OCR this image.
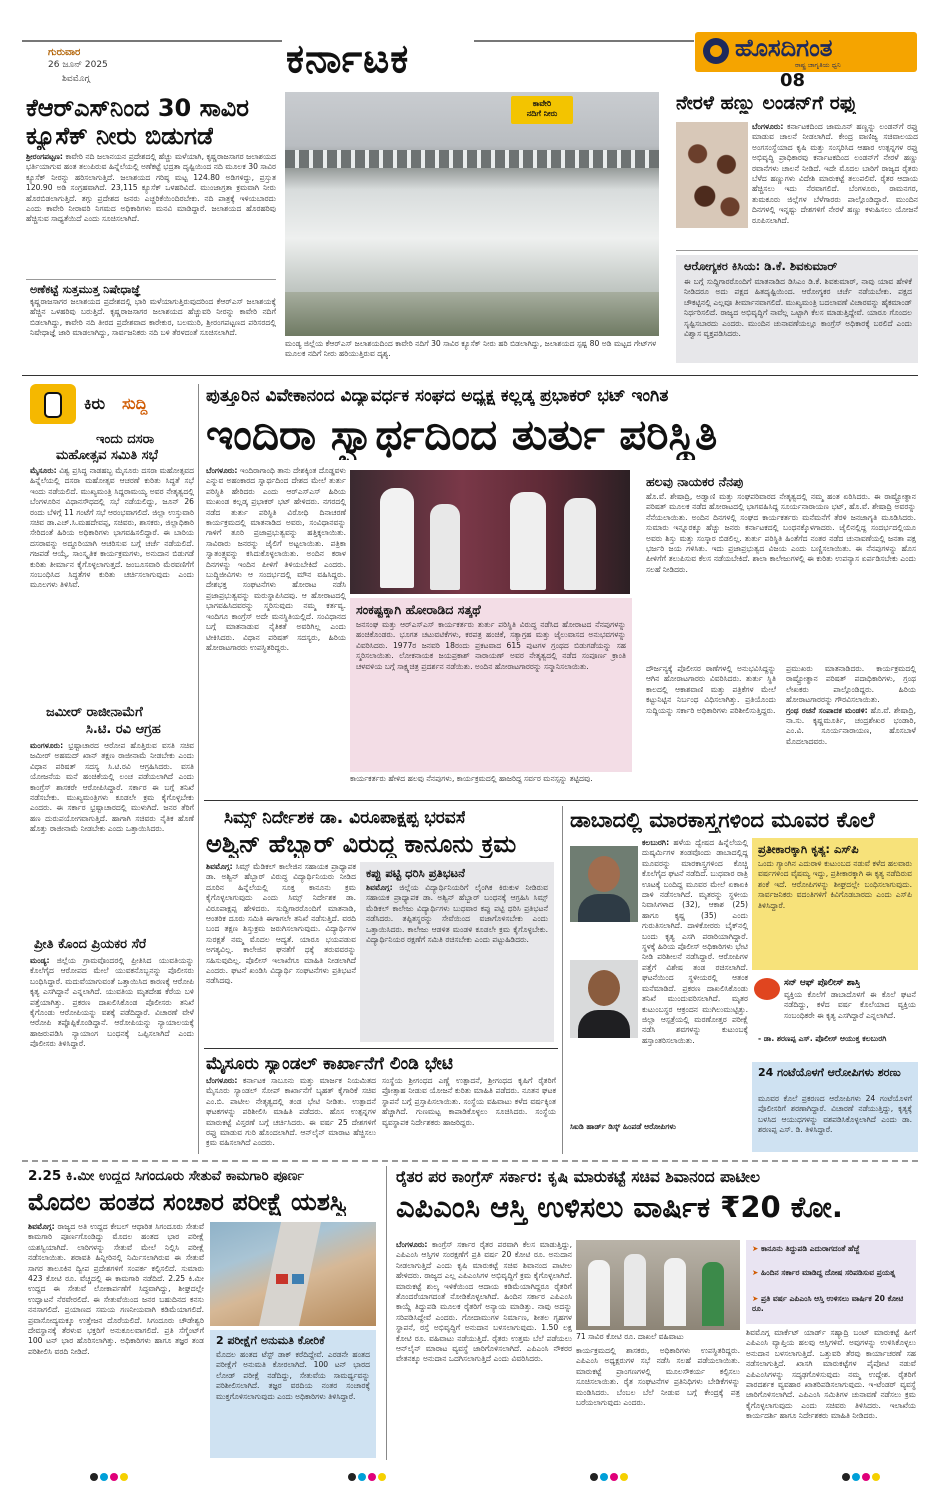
ಗುರುವಾರ
26 ಜೂನ್ 2025
ಶಿವಮೊಗ್ಗ	ಕರ್ನಾಟಕ	ಹೊಸದಿಗಂತ
ರಾಷ್ಟ್ರ ಜಾಗೃತಿಯ ಧ್ವನಿ
08
ಕೆಆರ್‌ಎಸ್‌ನಿಂದ 30 ಸಾವಿರ
ಕ್ಯೂಸೆಕ್ ನೀರು ಬಿಡುಗಡೆ
ಶ್ರೀರಂಗಪಟ್ಟಣ: ಕಾವೇರಿ ನದಿ ಜಲಾನಯನ ಪ್ರದೇಶದಲ್ಲಿ ಹೆಚ್ಚು ಮಳೆಯಾಗಿ, ಕೃಷ್ಣರಾಜಸಾಗರ ಜಲಾಶಯದ ಭರ್ತಿಯಾಗುವ ಹಂತ ತಲುಪಿರುವ ಹಿನ್ನೆಲೆಯಲ್ಲಿ ಅಣೆಕಟ್ಟೆ ಭದ್ರತಾ ದೃಷ್ಟಿಯಿಂದ ನದಿ ಮೂಲಕ 30 ಸಾವಿರ ಕ್ಯೂಸೆಕ್ ನೀರನ್ನು ಹರಿಸಲಾಗುತ್ತಿದೆ. ಜಲಾಶಯದ ಗರಿಷ್ಠ ಮಟ್ಟ 124.80 ಅಡಿಗಳಿದ್ದು, ಪ್ರಸ್ತುತ 120.90 ಅಡಿ ಸಂಗ್ರಹವಾಗಿದೆ. 23,115 ಕ್ಯೂಸೆಕ್ ಒಳಹರಿವಿದೆ. ಮುಂಜಾಗ್ರತಾ ಕ್ರಮವಾಗಿ ನೀರು ಹೊರಬಿಡಲಾಗುತ್ತಿದೆ. ತಗ್ಗು ಪ್ರದೇಶದ ಜನರು ಎಚ್ಚರಿಕೆಯಿಂದಿರಬೇಕು. ನದಿ ಪಾತ್ರಕ್ಕೆ ಇಳಿಯಬಾರದು ಎಂದು ಕಾವೇರಿ ನೀರಾವರಿ ನಿಗಮದ ಅಧಿಕಾರಿಗಳು ಮನವಿ ಮಾಡಿದ್ದಾರೆ. ಜಲಾಶಯದ ಹೊರಹರಿವು ಹೆಚ್ಚಿಸುವ ಸಾಧ್ಯತೆಯಿದೆ ಎಂದು ಸೂಚಿಸಲಾಗಿದೆ.
ಅಣೆಕಟ್ಟೆ ಸುತ್ತಮುತ್ತ ನಿಷೇಧಾಜ್ಞೆ
ಕೃಷ್ಣರಾಜಸಾಗರ ಜಲಾಶಯದ ಪ್ರದೇಶದಲ್ಲಿ ಭಾರಿ ಮಳೆಯಾಗುತ್ತಿರುವುದರಿಂದ ಕೆಆರ್‌ಎಸ್ ಜಲಾಶಯಕ್ಕೆ ಹೆಚ್ಚಿನ ಒಳಹರಿವು ಬರುತ್ತಿದೆ. ಕೃಷ್ಣರಾಜಸಾಗರ ಜಲಾಶಯದ ಹೆಚ್ಚುವರಿ ನೀರನ್ನು ಕಾವೇರಿ ನದಿಗೆ ಬಿಡಲಾಗಿದ್ದು, ಕಾವೇರಿ ನದಿ ತೀರದ ಪ್ರದೇಶವಾದ ಕಾರೇಕುರ, ಬಲಮುರಿ, ಶ್ರೀರಂಗಪಟ್ಟಣದ ಪರಿಸರದಲ್ಲಿ ನಿಷೇಧಾಜ್ಞೆ ಜಾರಿ ಮಾಡಲಾಗಿದ್ದು, ಸಾರ್ವಜನಿಕರು ನದಿ ಬಳಿ ತೆರಳದಂತೆ ಸೂಚಿಸಲಾಗಿದೆ.
ಕಾವೇರಿ
ನದಿಗೆ ನೀರು
ಮಂಡ್ಯ ಜಿಲ್ಲೆಯ ಕೆಆರ್‌ಎಸ್ ಜಲಾಶಯದಿಂದ ಕಾವೇರಿ ನದಿಗೆ 30 ಸಾವಿರ ಕ್ಯೂಸೆಕ್ ನೀರು ಹರಿ ಬಿಡಲಾಗಿದ್ದು, ಜಲಾಶಯದ ಸ್ಪಷ್ಟ 80 ಅಡಿ ಮಟ್ಟದ ಗೇಟ್‌ಗಳ ಮೂಲಕ ನದಿಗೆ ನೀರು ಹರಿಯುತ್ತಿರುವ ದೃಶ್ಯ.
ನೇರಳೆ ಹಣ್ಣು ಲಂಡನ್‌ಗೆ ರಫ್ತು
ಬೆಂಗಳೂರು: ಕರ್ನಾಟಕದಿಂದ ಜಾಮೂನ್ ಹಣ್ಣನ್ನು ಲಂಡನ್‌ಗೆ ರಫ್ತು ಮಾಡುವ ಚಾಲನೆ ನೀಡಲಾಗಿದೆ. ಕೇಂದ್ರ ವಾಣಿಜ್ಯ ಸಚಿವಾಲಯದ ಅಂಗಸಂಸ್ಥೆಯಾದ ಕೃಷಿ ಮತ್ತು ಸಂಸ್ಕರಿಸಿದ ಆಹಾರ ಉತ್ಪನ್ನಗಳ ರಫ್ತು ಅಭಿವೃದ್ಧಿ ಪ್ರಾಧಿಕಾರವು ಕರ್ನಾಟಕದಿಂದ ಲಂಡನ್‌ಗೆ ನೇರಳೆ ಹಣ್ಣು ರವಾನೆಗಳು ಚಾಲನೆ ನೀಡಿದೆ. ಇದೇ ಮೊದಲ ಬಾರಿಗೆ ರಾಜ್ಯದ ರೈತರು ಬೆಳೆದ ಹಣ್ಣುಗಳು ವಿದೇಶಿ ಮಾರುಕಟ್ಟೆ ತಲುಪಲಿವೆ. ರೈತರ ಆದಾಯ ಹೆಚ್ಚಿಸಲು ಇದು ನೆರವಾಗಲಿದೆ. ಬೆಂಗಳೂರು, ರಾಮನಗರ, ತುಮಕೂರು ಜಿಲ್ಲೆಗಳ ಬೆಳೆಗಾರರು ಪಾಲ್ಗೊಂಡಿದ್ದಾರೆ. ಮುಂದಿನ ದಿನಗಳಲ್ಲಿ ಇನ್ನಷ್ಟು ದೇಶಗಳಿಗೆ ನೇರಳೆ ಹಣ್ಣು ಕಳುಹಿಸಲು ಯೋಜನೆ ರೂಪಿಸಲಾಗಿದೆ.
ಆರೋಗ್ಯಕರ ಕಿಸಿಯ: ಡಿ.ಕೆ. ಶಿವಕುಮಾರ್
ಈ ಬಗ್ಗೆ ಸುದ್ದಿಗಾರರೊಂದಿಗೆ ಮಾತನಾಡಿದ ಡಿಸಿಎಂ ಡಿ.ಕೆ. ಶಿವಕುಮಾರ್, ನಾವು ಯಾವ ಹೇಳಿಕೆ ನೀಡಿದರೂ ಅದು ಪಕ್ಷದ ಹಿತದೃಷ್ಟಿಯಿಂದ. ಆರೋಗ್ಯಕರ ಚರ್ಚೆ ನಡೆಯಬೇಕು. ಪಕ್ಷದ ಚೌಕಟ್ಟಿನಲ್ಲಿ ಎಲ್ಲವೂ ತೀರ್ಮಾನವಾಗಲಿದೆ. ಮುಖ್ಯಮಂತ್ರಿ ಬದಲಾವಣೆ ವಿಚಾರವನ್ನು ಹೈಕಮಾಂಡ್ ನಿರ್ಧರಿಸಲಿದೆ. ರಾಜ್ಯದ ಅಭಿವೃದ್ಧಿಗೆ ನಾವೆಲ್ಲ ಒಟ್ಟಾಗಿ ಕೆಲಸ ಮಾಡುತ್ತಿದ್ದೇವೆ. ಯಾರೂ ಗೊಂದಲ ಸೃಷ್ಟಿಸಬಾರದು ಎಂದರು. ಮುಂದಿನ ಚುನಾವಣೆಯಲ್ಲೂ ಕಾಂಗ್ರೆಸ್ ಅಧಿಕಾರಕ್ಕೆ ಬರಲಿದೆ ಎಂದು ವಿಶ್ವಾಸ ವ್ಯಕ್ತಪಡಿಸಿದರು.
ಕಿರು ಸುದ್ದಿ
ಇಂದು ದಸರಾ
ಮಹೋತ್ಸವ ಸಮಿತಿ ಸಭೆ
ಮೈಸೂರು: ವಿಶ್ವ ಪ್ರಸಿದ್ಧ ನಾಡಹಬ್ಬ ಮೈಸೂರು ದಸರಾ ಮಹೋತ್ಸವದ ಹಿನ್ನೆಲೆಯಲ್ಲಿ ದಸರಾ ಮಹೋತ್ಸವ ಆಚರಣೆ ಕುರಿತು ಸಿದ್ಧತೆ ಸಭೆ ಇಂದು ನಡೆಯಲಿದೆ. ಮುಖ್ಯಮಂತ್ರಿ ಸಿದ್ದರಾಮಯ್ಯ ಅವರ ನೇತೃತ್ವದಲ್ಲಿ ಬೆಂಗಳೂರಿನ ವಿಧಾನಸೌಧದಲ್ಲಿ ಸಭೆ ನಡೆಯಲಿದ್ದು, ಜೂನ್ 26 ರಂದು ಬೆಳಿಗ್ಗೆ 11 ಗಂಟೆಗೆ ಸಭೆ ಆರಂಭವಾಗಲಿದೆ. ಜಿಲ್ಲಾ ಉಸ್ತುವಾರಿ ಸಚಿವ ಡಾ.ಎಚ್.ಸಿ.ಮಹದೇವಪ್ಪ, ಸಚಿವರು, ಶಾಸಕರು, ಜಿಲ್ಲಾಧಿಕಾರಿ ಸೇರಿದಂತೆ ಹಿರಿಯ ಅಧಿಕಾರಿಗಳು ಭಾಗವಹಿಸಲಿದ್ದಾರೆ. ಈ ಬಾರಿಯ ದಸರಾವನ್ನು ಅದ್ದೂರಿಯಾಗಿ ಆಚರಿಸುವ ಬಗ್ಗೆ ಚರ್ಚೆ ನಡೆಯಲಿದೆ. ಗಜಪಡೆ ಆಯ್ಕೆ, ಸಾಂಸ್ಕೃತಿಕ ಕಾರ್ಯಕ್ರಮಗಳು, ಅನುದಾನ ಬಿಡುಗಡೆ ಕುರಿತು ತೀರ್ಮಾನ ಕೈಗೊಳ್ಳಲಾಗುತ್ತದೆ. ಜಂಬೂಸವಾರಿ ಮೆರವಣಿಗೆಗೆ ಸಂಬಂಧಿಸಿದ ಸಿದ್ಧತೆಗಳ ಕುರಿತು ಚರ್ಚಿಸಲಾಗುವುದು ಎಂದು ಮೂಲಗಳು ತಿಳಿಸಿವೆ.
ಜಮೀರ್ ರಾಜೀನಾಮೆಗೆ
ಸಿ.ಟಿ. ರವಿ ಆಗ್ರಹ
ಮಂಗಳೂರು: ಭ್ರಷ್ಟಾಚಾರದ ಆರೋಪ ಹೊತ್ತಿರುವ ವಸತಿ ಸಚಿವ ಜಮೀರ್ ಅಹಮದ್ ಖಾನ್ ತಕ್ಷಣ ರಾಜೀನಾಮೆ ನೀಡಬೇಕು ಎಂದು ವಿಧಾನ ಪರಿಷತ್ ಸದಸ್ಯ ಸಿ.ಟಿ.ರವಿ ಆಗ್ರಹಿಸಿದರು. ವಸತಿ ಯೋಜನೆಯ ಮನೆ ಹಂಚಿಕೆಯಲ್ಲಿ ಲಂಚ ಪಡೆಯಲಾಗಿದೆ ಎಂದು ಕಾಂಗ್ರೆಸ್ ಶಾಸಕರೇ ಆರೋಪಿಸಿದ್ದಾರೆ. ಸರ್ಕಾರ ಈ ಬಗ್ಗೆ ತನಿಖೆ ನಡೆಸಬೇಕು. ಮುಖ್ಯಮಂತ್ರಿಗಳು ಕೂಡಲೇ ಕ್ರಮ ಕೈಗೊಳ್ಳಬೇಕು ಎಂದರು. ಈ ಸರ್ಕಾರ ಭ್ರಷ್ಟಾಚಾರದಲ್ಲಿ ಮುಳುಗಿದೆ. ಜನರ ತೆರಿಗೆ ಹಣ ದುರುಪಯೋಗವಾಗುತ್ತಿದೆ. ಹಾಗಾಗಿ ಸಚಿವರು ನೈತಿಕ ಹೊಣೆ ಹೊತ್ತು ರಾಜೀನಾಮೆ ನೀಡಬೇಕು ಎಂದು ಒತ್ತಾಯಿಸಿದರು.
ಪ್ರೀತಿ ಕೊಂದ ಪ್ರಿಯಕರ ಸೆರೆ
ಮಂಡ್ಯ: ಜಿಲ್ಲೆಯ ಗ್ರಾಮವೊಂದರಲ್ಲಿ ಪ್ರೀತಿಸಿದ ಯುವತಿಯನ್ನು ಕೊಲೆಗೈದ ಆರೋಪದ ಮೇಲೆ ಯುವಕನೊಬ್ಬನನ್ನು ಪೊಲೀಸರು ಬಂಧಿಸಿದ್ದಾರೆ. ಮದುವೆಯಾಗುವಂತೆ ಒತ್ತಾಯಿಸಿದ ಕಾರಣಕ್ಕೆ ಆರೋಪಿ ಕೃತ್ಯ ಎಸಗಿದ್ದಾನೆ ಎನ್ನಲಾಗಿದೆ. ಯುವತಿಯ ಮೃತದೇಹ ಕೆರೆಯ ಬಳಿ ಪತ್ತೆಯಾಗಿತ್ತು. ಪ್ರಕರಣ ದಾಖಲಿಸಿಕೊಂಡ ಪೊಲೀಸರು ತನಿಖೆ ಕೈಗೊಂಡು ಆರೋಪಿಯನ್ನು ವಶಕ್ಕೆ ಪಡೆದಿದ್ದಾರೆ. ವಿಚಾರಣೆ ವೇಳೆ ಆರೋಪಿ ತಪ್ಪೊಪ್ಪಿಕೊಂಡಿದ್ದಾನೆ. ಆರೋಪಿಯನ್ನು ನ್ಯಾಯಾಲಯಕ್ಕೆ ಹಾಜರುಪಡಿಸಿ ನ್ಯಾಯಾಂಗ ಬಂಧನಕ್ಕೆ ಒಪ್ಪಿಸಲಾಗಿದೆ ಎಂದು ಪೊಲೀಸರು ತಿಳಿಸಿದ್ದಾರೆ.
ಪುತ್ತೂರಿನ ವಿವೇಕಾನಂದ ವಿದ್ಯಾವರ್ಧಕ ಸಂಘದ ಅಧ್ಯಕ್ಷ ಕಲ್ಲಡ್ಕ ಪ್ರಭಾಕರ್ ಭಟ್ ಇಂಗಿತ
ಇಂದಿರಾ ಸ್ವಾರ್ಥದಿಂದ ತುರ್ತು ಪರಿಸ್ಥಿತಿ
ಬೆಂಗಳೂರು: ಇಂದಿರಾಗಾಂಧಿ ತಾನು ದೇಶಕ್ಕಿಂತ ದೊಡ್ಡವಳು ಎನ್ನುವ ಅಹಂಕಾರದ ಸ್ವಾರ್ಥದಿಂದ ದೇಶದ ಮೇಲೆ ತುರ್ತು ಪರಿಸ್ಥಿತಿ ಹೇರಿದರು ಎಂದು ಆರ್‌ಎಸ್‌ಎಸ್ ಹಿರಿಯ ಮುಖಂಡ ಕಲ್ಲಡ್ಕ ಪ್ರಭಾಕರ್ ಭಟ್ ಹೇಳಿದರು. ನಗರದಲ್ಲಿ ನಡೆದ ತುರ್ತು ಪರಿಸ್ಥಿತಿ ವಿರೋಧಿ ದಿನಾಚರಣೆ ಕಾರ್ಯಕ್ರಮದಲ್ಲಿ ಮಾತನಾಡಿದ ಅವರು, ಸಂವಿಧಾನವನ್ನು ಗಾಳಿಗೆ ತೂರಿ ಪ್ರಜಾಪ್ರಭುತ್ವವನ್ನು ಹತ್ತಿಕ್ಕಲಾಯಿತು. ಸಾವಿರಾರು ಜನರನ್ನು ಜೈಲಿಗೆ ಅಟ್ಟಲಾಯಿತು. ಪತ್ರಿಕಾ ಸ್ವಾತಂತ್ರ್ಯವನ್ನು ಕಸಿದುಕೊಳ್ಳಲಾಯಿತು. ಅಂದಿನ ಕರಾಳ ದಿನಗಳನ್ನು ಇಂದಿನ ಪೀಳಿಗೆ ತಿಳಿಯಬೇಕಿದೆ ಎಂದರು. ಬುದ್ಧಿಜೀವಿಗಳು ಆ ಸಂದರ್ಭದಲ್ಲಿ ಮೌನ ವಹಿಸಿದ್ದರು. ದೇಶಭಕ್ತ ಸಂಘಟನೆಗಳು ಹೋರಾಟ ನಡೆಸಿ ಪ್ರಜಾಪ್ರಭುತ್ವವನ್ನು ಮರುಸ್ಥಾಪಿಸಿದವು. ಆ ಹೋರಾಟದಲ್ಲಿ ಭಾಗವಹಿಸಿದವರನ್ನು ಸ್ಮರಿಸುವುದು ನಮ್ಮ ಕರ್ತವ್ಯ. ಇಂದಿಗೂ ಕಾಂಗ್ರೆಸ್ ಅದೇ ಮನಸ್ಥಿತಿಯಲ್ಲಿದೆ. ಸಂವಿಧಾನದ ಬಗ್ಗೆ ಮಾತನಾಡುವ ನೈತಿಕತೆ ಅವರಿಗಿಲ್ಲ ಎಂದು ಟೀಕಿಸಿದರು. ವಿಧಾನ ಪರಿಷತ್ ಸದಸ್ಯರು, ಹಿರಿಯ ಹೋರಾಟಗಾರರು ಉಪಸ್ಥಿತರಿದ್ದರು.
ಸಂಕಷ್ಟಕ್ಕಾಗಿ ಹೋರಾಡಿದ ಸತ್ಕಥೆ
ಜನಸಂಘ ಮತ್ತು ಆರ್‌ಎಸ್‌ಎಸ್ ಕಾರ್ಯಕರ್ತರು ತುರ್ತು ಪರಿಸ್ಥಿತಿ ವಿರುದ್ಧ ನಡೆಸಿದ ಹೋರಾಟದ ನೆನಪುಗಳನ್ನು ಹಂಚಿಕೊಂಡರು. ಭೂಗತ ಚಟುವಟಿಕೆಗಳು, ಕರಪತ್ರ ಹಂಚಿಕೆ, ಸತ್ಯಾಗ್ರಹ ಮತ್ತು ಜೈಲುವಾಸದ ಅನುಭವಗಳನ್ನು ವಿವರಿಸಿದರು. 1977ರ ಜನವರಿ 18ರಂದು ಪ್ರಕಟವಾದ 615 ಪುಟಗಳ ಗ್ರಂಥದ ಬಿಡುಗಡೆಯನ್ನು ಸಹ ಸ್ಮರಿಸಲಾಯಿತು. ಲೋಕನಾಯಕ ಜಯಪ್ರಕಾಶ್ ನಾರಾಯಣ್ ಅವರ ನೇತೃತ್ವದಲ್ಲಿ ನಡೆದ ಸಂಪೂರ್ಣ ಕ್ರಾಂತಿ ಚಳವಳಿಯ ಬಗ್ಗೆ ಸಾಕ್ಷ್ಯಚಿತ್ರ ಪ್ರದರ್ಶನ ನಡೆಯಿತು. ಅಂದಿನ ಹೋರಾಟಗಾರರನ್ನು ಸನ್ಮಾನಿಸಲಾಯಿತು.
ಕಾರ್ಯಕರ್ತರು ಹೇಳಿದ ಹಲವು ನೆನಪುಗಳು, ಕಾರ್ಯಕ್ರಮದಲ್ಲಿ ಹಾಜರಿದ್ದ ಸರ್ವರ ಮನಸ್ಸನ್ನು ತಟ್ಟಿದವು.
ಹಲವು ನಾಯಕರ ನೆನಪು
ಹೊ.ವೆ. ಶೇಷಾದ್ರಿ, ಅಡ್ವಾಣಿ ಮತ್ತು ಸಂಘಪರಿವಾರದ ನೇತೃತ್ವದಲ್ಲಿ ನಮ್ಮ ಹಂತ ಏರಿಸಿದರು. ಈ ರಾಷ್ಟ್ರೋತ್ಥಾನ ಪರಿಷತ್ ಮೂಲಕ ನಡೆದ ಹೋರಾಟದಲ್ಲಿ ಭಾಗವಹಿಸಿದ್ದ ಸೂರ್ಯನಾರಾಯಣ ಭಟ್, ಹೊ.ವೆ. ಶೇಷಾದ್ರಿ ಅವರನ್ನು ನೆನೆಯಲಾಯಿತು. ಅಂದಿನ ದಿನಗಳಲ್ಲಿ ಸಂಘದ ಕಾರ್ಯಕರ್ತರು ಮನೆಮನೆಗೆ ತೆರಳಿ ಜನಜಾಗೃತಿ ಮೂಡಿಸಿದರು. ಸುಮಾರು ಇನ್ನೂರಕ್ಕೂ ಹೆಚ್ಚು ಜನರು ಕರ್ನಾಟಕದಲ್ಲಿ ಬಂಧನಕ್ಕೊಳಗಾದರು. ಜೈಲಿನಲ್ಲಿದ್ದ ಸಂದರ್ಭದಲ್ಲಿಯೂ ಅವರು ಶಿಸ್ತು ಮತ್ತು ಸಂಸ್ಕಾರ ಬಿಡಲಿಲ್ಲ. ತುರ್ತು ಪರಿಸ್ಥಿತಿ ಹಿಂತೆಗೆದ ನಂತರ ನಡೆದ ಚುನಾವಣೆಯಲ್ಲಿ ಜನತಾ ಪಕ್ಷ ಭರ್ಜರಿ ಜಯ ಗಳಿಸಿತು. ಇದು ಪ್ರಜಾಪ್ರಭುತ್ವದ ವಿಜಯ ಎಂದು ಬಣ್ಣಿಸಲಾಯಿತು. ಈ ನೆನಪುಗಳನ್ನು ಹೊಸ ಪೀಳಿಗೆಗೆ ತಲುಪಿಸುವ ಕೆಲಸ ನಡೆಯಬೇಕಿದೆ. ಶಾಲಾ ಕಾಲೇಜುಗಳಲ್ಲಿ ಈ ಕುರಿತು ಉಪನ್ಯಾಸ ಏರ್ಪಡಿಸಬೇಕು ಎಂದು ಸಲಹೆ ನೀಡಿದರು.
ದೌರ್ಜನ್ಯಕ್ಕೆ ಪೊಲೀಸರ ಠಾಣೆಗಳಲ್ಲಿ ಅನುಭವಿಸಿದ್ದನ್ನು ಆಗಿನ ಹೋರಾಟಗಾರರು ವಿವರಿಸಿದರು. ತುರ್ತು ಸ್ಥಿತಿ ಕಾಲದಲ್ಲಿ ಆಕಾಶವಾಣಿ ಮತ್ತು ಪತ್ರಿಕೆಗಳ ಮೇಲೆ ಕಟ್ಟುನಿಟ್ಟಿನ ನಿರ್ಬಂಧ ವಿಧಿಸಲಾಗಿತ್ತು. ಪ್ರತಿಯೊಂದು ಸುದ್ದಿಯನ್ನು ಸರ್ಕಾರಿ ಅಧಿಕಾರಿಗಳು ಪರಿಶೀಲಿಸುತ್ತಿದ್ದರು.
ಪ್ರಮುಖರು ಮಾತನಾಡಿದರು. ಕಾರ್ಯಕ್ರಮದಲ್ಲಿ ರಾಷ್ಟ್ರೋತ್ಥಾನ ಪರಿಷತ್ ಪದಾಧಿಕಾರಿಗಳು, ಗ್ರಂಥ ಲೇಖಕರು ಪಾಲ್ಗೊಂಡಿದ್ದರು. ಹಿರಿಯ ಹೋರಾಟಗಾರರನ್ನು ಗೌರವಿಸಲಾಯಿತು.
ಗ್ರಂಥ ರಚನೆ ಸಂಪಾದಕ ಮಂಡಳಿ: ಹೊ.ವೆ. ಶೇಷಾದ್ರಿ, ನಾ.ಸು. ಕೃಷ್ಣಮೂರ್ತಿ, ಚಂದ್ರಶೇಖರ ಭಂಡಾರಿ, ಎಂ.ವಿ. ಸೂರ್ಯನಾರಾಯಣ, ಹೊಸಬಾಳೆ ಮೊದಲಾದವರು.
ಸಿಮ್ಸ್ ನಿರ್ದೇಶಕ ಡಾ. ವಿರೂಪಾಕ್ಷಪ್ಪ ಭರವಸೆ
ಅಶ್ವಿನ್ ಹೆಬ್ಬಾರ್ ವಿರುದ್ಧ ಕಾನೂನು ಕ್ರಮ
ಶಿವಮೊಗ್ಗ: ಸಿಮ್ಸ್ ಮೆಡಿಕಲ್ ಕಾಲೇಜಿನ ಸಹಾಯಕ ಪ್ರಾಧ್ಯಾಪಕ ಡಾ. ಅಶ್ವಿನ್ ಹೆಬ್ಬಾರ್ ವಿರುದ್ಧ ವಿದ್ಯಾರ್ಥಿನಿಯರು ನೀಡಿದ ದೂರಿನ ಹಿನ್ನೆಲೆಯಲ್ಲಿ ಸೂಕ್ತ ಕಾನೂನು ಕ್ರಮ ಕೈಗೊಳ್ಳಲಾಗುವುದು ಎಂದು ಸಿಮ್ಸ್ ನಿರ್ದೇಶಕ ಡಾ. ವಿರೂಪಾಕ್ಷಪ್ಪ ಹೇಳಿದರು. ಸುದ್ದಿಗಾರರೊಂದಿಗೆ ಮಾತನಾಡಿ, ಆಂತರಿಕ ದೂರು ಸಮಿತಿ ಈಗಾಗಲೇ ತನಿಖೆ ನಡೆಸುತ್ತಿದೆ. ವರದಿ ಬಂದ ತಕ್ಷಣ ಶಿಸ್ತುಕ್ರಮ ಜರುಗಿಸಲಾಗುವುದು. ವಿದ್ಯಾರ್ಥಿಗಳ ಸುರಕ್ಷತೆ ನಮ್ಮ ಮೊದಲ ಆದ್ಯತೆ. ಯಾರೂ ಭಯಪಡುವ ಅಗತ್ಯವಿಲ್ಲ. ಕಾಲೇಜಿನ ಘನತೆಗೆ ಧಕ್ಕೆ ತರುವವರನ್ನು ಸಹಿಸುವುದಿಲ್ಲ. ಪೊಲೀಸ್ ಇಲಾಖೆಗೂ ಮಾಹಿತಿ ನೀಡಲಾಗಿದೆ ಎಂದರು. ಘಟನೆ ಖಂಡಿಸಿ ವಿದ್ಯಾರ್ಥಿ ಸಂಘಟನೆಗಳು ಪ್ರತಿಭಟನೆ ನಡೆಸಿದವು.
ಕಪ್ಪು ಪಟ್ಟಿ ಧರಿಸಿ ಪ್ರತಿಭಟನೆ
ಶಿವಮೊಗ್ಗ: ಜಿಲ್ಲೆಯ ವಿದ್ಯಾರ್ಥಿನಿಯರಿಗೆ ಲೈಂಗಿಕ ಕಿರುಕುಳ ನೀಡಿರುವ ಸಹಾಯಕ ಪ್ರಾಧ್ಯಾಪಕ ಡಾ. ಅಶ್ವಿನ್ ಹೆಬ್ಬಾರ್ ಬಂಧನಕ್ಕೆ ಆಗ್ರಹಿಸಿ ಸಿಮ್ಸ್ ಮೆಡಿಕಲ್ ಕಾಲೇಜು ವಿದ್ಯಾರ್ಥಿಗಳು ಬುಧವಾರ ಕಪ್ಪು ಪಟ್ಟಿ ಧರಿಸಿ ಪ್ರತಿಭಟನೆ ನಡೆಸಿದರು. ತಪ್ಪಿತಸ್ಥರನ್ನು ಸೇವೆಯಿಂದ ವಜಾಗೊಳಿಸಬೇಕು ಎಂದು ಒತ್ತಾಯಿಸಿದರು. ಕಾಲೇಜು ಆಡಳಿತ ಮಂಡಳಿ ಕೂಡಲೇ ಕ್ರಮ ಕೈಗೊಳ್ಳಬೇಕು. ವಿದ್ಯಾರ್ಥಿನಿಯರ ರಕ್ಷಣೆಗೆ ಸಮಿತಿ ರಚಿಸಬೇಕು ಎಂದು ಪಟ್ಟುಹಿಡಿದರು.
ಮೈಸೂರು ಸ್ಯಾಂಡಲ್ ಕಾರ್ಖಾನೆಗೆ ಲಿಂಡಿ ಭೇಟಿ
ಬೆಂಗಳೂರು: ಕರ್ನಾಟಕ ಸಾಬೂನು ಮತ್ತು ಮಾರ್ಜಕ ನಿಯಮಿತದ ಮೈಸೂರು ಸ್ಯಾಂಡಲ್ ಸೋಪ್ ಕಾರ್ಖಾನೆಗೆ ಬೃಹತ್ ಕೈಗಾರಿಕೆ ಸಚಿವ ಎಂ.ಬಿ. ಪಾಟೀಲ ನೇತೃತ್ವದಲ್ಲಿ ತಂಡ ಭೇಟಿ ನೀಡಿತು. ಉತ್ಪಾದನೆ ಘಟಕಗಳನ್ನು ಪರಿಶೀಲಿಸಿ ಮಾಹಿತಿ ಪಡೆದರು. ಹೊಸ ಉತ್ಪನ್ನಗಳ ಮಾರುಕಟ್ಟೆ ವಿಸ್ತರಣೆ ಬಗ್ಗೆ ಚರ್ಚಿಸಿದರು. ಈ ವರ್ಷ 25 ದೇಶಗಳಿಗೆ ರಫ್ತು ಮಾಡುವ ಗುರಿ ಹೊಂದಲಾಗಿದೆ. ಆನ್‌ಲೈನ್ ಮಾರಾಟ ಹೆಚ್ಚಿಸಲು ಕ್ರಮ ವಹಿಸಲಾಗಿದೆ ಎಂದರು.
ಸಂಸ್ಥೆಯ ಶ್ರೀಗಂಧದ ಎಣ್ಣೆ ಉತ್ಪಾದನೆ, ಶ್ರೀಗಂಧದ ಕೃಷಿಗೆ ರೈತರಿಗೆ ಪ್ರೋತ್ಸಾಹ ನೀಡುವ ಯೋಜನೆ ಕುರಿತು ಮಾಹಿತಿ ಪಡೆದರು. ನೂತನ ಘಟಕ ಸ್ಥಾಪನೆ ಬಗ್ಗೆ ಪ್ರಸ್ತಾಪಿಸಲಾಯಿತು. ಸಂಸ್ಥೆಯ ವಹಿವಾಟು ಕಳೆದ ವರ್ಷಕ್ಕಿಂತ ಹೆಚ್ಚಾಗಿದೆ. ಗುಣಮಟ್ಟ ಕಾಪಾಡಿಕೊಳ್ಳಲು ಸೂಚಿಸಿದರು. ಸಂಸ್ಥೆಯ ವ್ಯವಸ್ಥಾಪಕ ನಿರ್ದೇಶಕರು ಹಾಜರಿದ್ದರು.
ಡಾಬಾದಲ್ಲಿ ಮಾರಕಾಸ್ತ್ರಗಳಿಂದ ಮೂವರ ಕೊಲೆ
ಕಲಬುರಗಿ: ಹಳೆಯ ದ್ವೇಷದ ಹಿನ್ನೆಲೆಯಲ್ಲಿ ದುಷ್ಕರ್ಮಿಗಳ ತಂಡವೊಂದು ಡಾಬಾದಲ್ಲಿದ್ದ ಮೂವರನ್ನು ಮಾರಕಾಸ್ತ್ರಗಳಿಂದ ಕೊಚ್ಚಿ ಕೊಲೆಗೈದ ಘಟನೆ ನಡೆದಿದೆ. ಬುಧವಾರ ರಾತ್ರಿ ಊಟಕ್ಕೆ ಬಂದಿದ್ದ ಮೂವರ ಮೇಲೆ ಏಕಾಏಕಿ ದಾಳಿ ನಡೆಸಲಾಗಿದೆ. ಮೃತರನ್ನು ಸ್ಥಳೀಯ ನಿವಾಸಿಗಳಾದ (32), ಆಕಾಶ (25) ಹಾಗೂ ಕೃಷ್ಣ (35) ಎಂದು ಗುರುತಿಸಲಾಗಿದೆ. ದಾಳಿಕೋರರು ಬೈಕ್‌ನಲ್ಲಿ ಬಂದು ಕೃತ್ಯ ಎಸಗಿ ಪರಾರಿಯಾಗಿದ್ದಾರೆ. ಸ್ಥಳಕ್ಕೆ ಹಿರಿಯ ಪೊಲೀಸ್ ಅಧಿಕಾರಿಗಳು ಭೇಟಿ ನೀಡಿ ಪರಿಶೀಲನೆ ನಡೆಸಿದ್ದಾರೆ. ಆರೋಪಿಗಳ ಪತ್ತೆಗೆ ವಿಶೇಷ ತಂಡ ರಚಿಸಲಾಗಿದೆ. ಘಟನೆಯಿಂದ ಸ್ಥಳೀಯರಲ್ಲಿ ಆತಂಕ ಮನೆಮಾಡಿದೆ. ಪ್ರಕರಣ ದಾಖಲಿಸಿಕೊಂಡು ತನಿಖೆ ಮುಂದುವರಿಸಲಾಗಿದೆ. ಮೃತರ ಕುಟುಂಬಸ್ಥರ ಆಕ್ರಂದನ ಮುಗಿಲುಮುಟ್ಟಿತ್ತು. ಜಿಲ್ಲಾ ಆಸ್ಪತ್ರೆಯಲ್ಲಿ ಮರಣೋತ್ತರ ಪರೀಕ್ಷೆ ನಡೆಸಿ ಶವಗಳನ್ನು ಕುಟುಂಬಕ್ಕೆ ಹಸ್ತಾಂತರಿಸಲಾಯಿತು.
ಸಿಐಡಿ ಹಾರ್ಡ್ ಡಿಸ್ಕ್ ಹಿಂಪಡೆ ಆರೋಪಿಗಳು
ಪ್ರತೀಕಾರಕ್ಕಾಗಿ ಕೃತ್ಯ: ಎಸ್‌ಪಿ
ಒಂದು ಗ್ಯಾಂಗಿನ ಎದುರಾಳಿ ಕುಟುಂಬದ ನಡುವೆ ಕಳೆದ ಹಲವಾರು ವರ್ಷಗಳಿಂದ ವೈಷಮ್ಯ ಇದ್ದು, ಪ್ರತೀಕಾರಕ್ಕಾಗಿ ಈ ಕೃತ್ಯ ನಡೆದಿರುವ ಶಂಕೆ ಇದೆ. ಆರೋಪಿಗಳನ್ನು ಶೀಘ್ರದಲ್ಲೇ ಬಂಧಿಸಲಾಗುವುದು. ಸಾರ್ವಜನಿಕರು ವದಂತಿಗಳಿಗೆ ಕಿವಿಗೊಡಬಾರದು ಎಂದು ಎಸ್‌ಪಿ ತಿಳಿಸಿದ್ದಾರೆ.
ಸನ್ ಆಫ್ ಪೊಲೀಸ್ ಶಾಸ್ತಿ
ವ್ಯಕ್ತಿಯ ಕೊಲೆಗೆ ಡಾಬಾದೊಳಗೆ ಈ ಕೊಲೆ ಘಟನೆ ನಡೆದಿದ್ದು, ಕಳೆದ ವರ್ಷ ಕೊಲೆಯಾದ ವ್ಯಕ್ತಿಯ ಸಂಬಂಧಿಕರೇ ಈ ಕೃತ್ಯ ಎಸಗಿದ್ದಾರೆ ಎನ್ನಲಾಗಿದೆ.
- ಡಾ. ಶರಣಪ್ಪ ಎಸ್. ಪೊಲೀಸ್ ಆಯುಕ್ತ ಕಲಬುರಗಿ
24 ಗಂಟೆಯೊಳಗೆ ಆರೋಪಿಗಳು ಶರಣು
ಮೂವರ ಕೊಲೆ ಪ್ರಕರಣದ ಆರೋಪಿಗಳು 24 ಗಂಟೆಯೊಳಗೆ ಪೊಲೀಸರಿಗೆ ಶರಣಾಗಿದ್ದಾರೆ. ವಿಚಾರಣೆ ನಡೆಯುತ್ತಿದ್ದು, ಕೃತ್ಯಕ್ಕೆ ಬಳಸಿದ ಆಯುಧಗಳನ್ನು ವಶಪಡಿಸಿಕೊಳ್ಳಲಾಗಿದೆ ಎಂದು ಡಾ. ಶರಣಪ್ಪ ಎಸ್. ಡಿ. ತಿಳಿಸಿದ್ದಾರೆ.
2.25 ಕಿ.ಮೀ ಉದ್ದದ ಸಿಗಂದೂರು ಸೇತುವೆ ಕಾಮಗಾರಿ ಪೂರ್ಣ
ಮೊದಲ ಹಂತದ ಸಂಚಾರ ಪರೀಕ್ಷೆ ಯಶಸ್ವಿ
ಶಿವಮೊಗ್ಗ: ರಾಜ್ಯದ ಅತಿ ಉದ್ದದ ಕೇಬಲ್ ಆಧಾರಿತ ಸಿಗಂದೂರು ಸೇತುವೆ ಕಾಮಗಾರಿ ಪೂರ್ಣಗೊಂಡಿದ್ದು ಮೊದಲ ಹಂತದ ಭಾರ ಪರೀಕ್ಷೆ ಯಶಸ್ವಿಯಾಗಿದೆ. ಲಾರಿಗಳನ್ನು ಸೇತುವೆ ಮೇಲೆ ನಿಲ್ಲಿಸಿ ಪರೀಕ್ಷೆ ನಡೆಸಲಾಯಿತು. ಶರಾವತಿ ಹಿನ್ನೀರಿನಲ್ಲಿ ನಿರ್ಮಿಸಲಾಗಿರುವ ಈ ಸೇತುವೆ ಸಾಗರ ತಾಲೂಕಿನ ದ್ವೀಪ ಪ್ರದೇಶಗಳಿಗೆ ಸಂಪರ್ಕ ಕಲ್ಪಿಸಲಿದೆ. ಸುಮಾರು 423 ಕೋಟಿ ರೂ. ವೆಚ್ಚದಲ್ಲಿ ಈ ಕಾಮಗಾರಿ ನಡೆದಿದೆ. 2.25 ಕಿ.ಮೀ ಉದ್ದದ ಈ ಸೇತುವೆ ಲೋಕಾರ್ಪಣೆಗೆ ಸಿದ್ಧವಾಗಿದ್ದು, ಶೀಘ್ರದಲ್ಲೇ ಉದ್ಘಾಟನೆ ನೆರವೇರಲಿದೆ. ಈ ಸೇತುವೆಯಿಂದ ಜನರ ಬಹುದಿನದ ಕನಸು ನನಸಾಗಲಿದೆ. ಪ್ರಯಾಣದ ಸಮಯ ಗಣನೀಯವಾಗಿ ಕಡಿಮೆಯಾಗಲಿದೆ. ಪ್ರವಾಸೋದ್ಯಮಕ್ಕೂ ಉತ್ತೇಜನ ದೊರೆಯಲಿದೆ. ಸಿಗಂದೂರು ಚೌಡೇಶ್ವರಿ ದೇವಸ್ಥಾನಕ್ಕೆ ತೆರಳುವ ಭಕ್ತರಿಗೆ ಅನುಕೂಲವಾಗಲಿದೆ. ಪ್ರತಿ ಸೆಗ್ಮೆಂಟ್‌ಗೆ 100 ಟನ್ ಭಾರ ಹೊರಿಸಲಾಗಿತ್ತು. ಅಧಿಕಾರಿಗಳು ಹಾಗೂ ತಜ್ಞರ ತಂಡ ಪರಿಶೀಲಿಸಿ ವರದಿ ನೀಡಿದೆ.
2 ಪರೀಕ್ಷೆಗೆ ಅನುಮತಿ ಕೋರಿಕೆ
ಮೊದಲ ಹಂತದ ಟೆಸ್ಟ್ ಡಾಕ್ ಕರೆದಿದ್ದೇವೆ. ಎರಡನೇ ಹಂತದ ಪರೀಕ್ಷೆಗೆ ಅನುಮತಿ ಕೋರಲಾಗಿದೆ. 100 ಟನ್ ಭಾರದ ಲೋಡ್ ಪರೀಕ್ಷೆ ನಡೆದಿದ್ದು, ಸೇತುವೆಯ ಸಾಮರ್ಥ್ಯವನ್ನು ಪರಿಶೀಲಿಸಲಾಗಿದೆ. ತಜ್ಞರ ವರದಿಯ ನಂತರ ಸಂಚಾರಕ್ಕೆ ಮುಕ್ತಗೊಳಿಸಲಾಗುವುದು ಎಂದು ಅಧಿಕಾರಿಗಳು ತಿಳಿಸಿದ್ದಾರೆ.
ರೈತರ ಪರ ಕಾಂಗ್ರೆಸ್ ಸರ್ಕಾರ: ಕೃಷಿ ಮಾರುಕಟ್ಟೆ ಸಚಿವ ಶಿವಾನಂದ ಪಾಟೀಲ
ಎಪಿಎಂಸಿ ಆಸ್ತಿ ಉಳಿಸಲು ವಾರ್ಷಿಕ ₹20 ಕೋ.
ಬೆಂಗಳೂರು: ಕಾಂಗ್ರೆಸ್ ಸರ್ಕಾರ ರೈತರ ಪರವಾಗಿ ಕೆಲಸ ಮಾಡುತ್ತಿದ್ದು, ಎಪಿಎಂಸಿ ಆಸ್ತಿಗಳ ಸಂರಕ್ಷಣೆಗೆ ಪ್ರತಿ ವರ್ಷ 20 ಕೋಟಿ ರೂ. ಅನುದಾನ ನೀಡಲಾಗುತ್ತಿದೆ ಎಂದು ಕೃಷಿ ಮಾರುಕಟ್ಟೆ ಸಚಿವ ಶಿವಾನಂದ ಪಾಟೀಲ ಹೇಳಿದರು. ರಾಜ್ಯದ ಎಲ್ಲ ಎಪಿಎಂಸಿಗಳ ಅಭಿವೃದ್ಧಿಗೆ ಕ್ರಮ ಕೈಗೊಳ್ಳಲಾಗಿದೆ. ಮಾರುಕಟ್ಟೆ ಶುಲ್ಕ ಇಳಿಕೆಯಿಂದ ಆದಾಯ ಕಡಿಮೆಯಾಗಿದ್ದರೂ ರೈತರಿಗೆ ತೊಂದರೆಯಾಗದಂತೆ ನೋಡಿಕೊಳ್ಳಲಾಗಿದೆ. ಹಿಂದಿನ ಸರ್ಕಾರ ಎಪಿಎಂಸಿ ಕಾಯ್ದೆ ತಿದ್ದುಪಡಿ ಮೂಲಕ ರೈತರಿಗೆ ಅನ್ಯಾಯ ಮಾಡಿತ್ತು. ನಾವು ಅದನ್ನು ಸರಿಪಡಿಸಿದ್ದೇವೆ ಎಂದರು. ಗೋದಾಮುಗಳ ನಿರ್ಮಾಣ, ಶೀತಲ ಗೃಹಗಳ ಸ್ಥಾಪನೆ, ರಸ್ತೆ ಅಭಿವೃದ್ಧಿಗೆ ಅನುದಾನ ಬಳಸಲಾಗುವುದು. 1.50 ಲಕ್ಷ ಕೋಟಿ ರೂ. ವಹಿವಾಟು ನಡೆಯುತ್ತಿದೆ. ರೈತರು ಉತ್ತಮ ಬೆಲೆ ಪಡೆಯಲು ಆನ್‌ಲೈನ್ ಮಾರಾಟ ವ್ಯವಸ್ಥೆ ಜಾರಿಗೊಳಿಸಲಾಗಿದೆ. ಎಪಿಎಂಸಿ ನೌಕರರ ವೇತನಕ್ಕೂ ಅನುದಾನ ಒದಗಿಸಲಾಗುತ್ತಿದೆ ಎಂದು ವಿವರಿಸಿದರು.
71 ಸಾವಿರ ಕೋಟಿ ರೂ. ದಾಖಲೆ ವಹಿವಾಟು
ಕಾರ್ಯಕ್ರಮದಲ್ಲಿ ಶಾಸಕರು, ಅಧಿಕಾರಿಗಳು ಉಪಸ್ಥಿತರಿದ್ದರು. ಎಪಿಎಂಸಿ ಅಧ್ಯಕ್ಷರುಗಳ ಸಭೆ ನಡೆಸಿ ಸಲಹೆ ಪಡೆಯಲಾಯಿತು. ಮಾರುಕಟ್ಟೆ ಪ್ರಾಂಗಣಗಳಲ್ಲಿ ಮೂಲಸೌಕರ್ಯ ಕಲ್ಪಿಸಲು ಸೂಚಿಸಲಾಯಿತು. ರೈತ ಸಂಘಟನೆಗಳ ಪ್ರತಿನಿಧಿಗಳು ಬೇಡಿಕೆಗಳನ್ನು ಮಂಡಿಸಿದರು. ಬೆಂಬಲ ಬೆಲೆ ನೀಡುವ ಬಗ್ಗೆ ಕೇಂದ್ರಕ್ಕೆ ಪತ್ರ ಬರೆಯಲಾಗುವುದು ಎಂದರು.
➤ ಕಾನೂನು ತಿದ್ದುಪಡಿ ಎದುರಾಗದಂತೆ ಹೆಜ್ಜೆ
➤ ಹಿಂದಿನ ಸರ್ಕಾರ ಮಾಡಿದ್ದ ದೋಷ ಸರಿಪಡಿಸುವ ಪ್ರಯತ್ನ
➤ ಪ್ರತಿ ವರ್ಷ ಎಪಿಎಂಸಿ ಆಸ್ತಿ ಉಳಿಸಲು ವಾರ್ಷಿಕ 20 ಕೋಟಿ ರೂ.
ಶಿವಮೊಗ್ಗ ಮಾರ್ಕೆಟ್ ಯಾರ್ಡ್ ಸಹ್ಯಾದ್ರಿ ಬಂಟ್ ಮಾರುಕಟ್ಟೆ ಹೀಗೆ ಎಪಿಎಂಸಿ ವ್ಯಾಪ್ತಿಯ ಹಲವು ಆಸ್ತಿಗಳಿವೆ. ಅವುಗಳನ್ನು ಉಳಿಸಿಕೊಳ್ಳಲು ಅನುದಾನ ಬಳಸಲಾಗುತ್ತಿದೆ. ಒತ್ತುವರಿ ತೆರವು ಕಾರ್ಯಾಚರಣೆ ಸಹ ನಡೆಸಲಾಗುತ್ತಿದೆ. ಖಾಸಗಿ ಮಾರುಕಟ್ಟೆಗಳ ಪೈಪೋಟಿ ನಡುವೆ ಎಪಿಎಂಸಿಗಳನ್ನು ಸದೃಢಗೊಳಿಸುವುದು ನಮ್ಮ ಉದ್ದೇಶ. ರೈತರಿಗೆ ಪಾರದರ್ಶಕ ವ್ಯವಹಾರ ಖಾತರಿಪಡಿಸಲಾಗುವುದು. ಇ-ಟೆಂಡರ್ ವ್ಯವಸ್ಥೆ ಜಾರಿಗೊಳಿಸಲಾಗಿದೆ. ಎಪಿಎಂಸಿ ಸಮಿತಿಗಳ ಚುನಾವಣೆ ನಡೆಸಲು ಕ್ರಮ ಕೈಗೊಳ್ಳಲಾಗುವುದು ಎಂದು ಸಚಿವರು ತಿಳಿಸಿದರು. ಇಲಾಖೆಯ ಕಾರ್ಯದರ್ಶಿ ಹಾಗೂ ನಿರ್ದೇಶಕರು ಮಾಹಿತಿ ನೀಡಿದರು.
